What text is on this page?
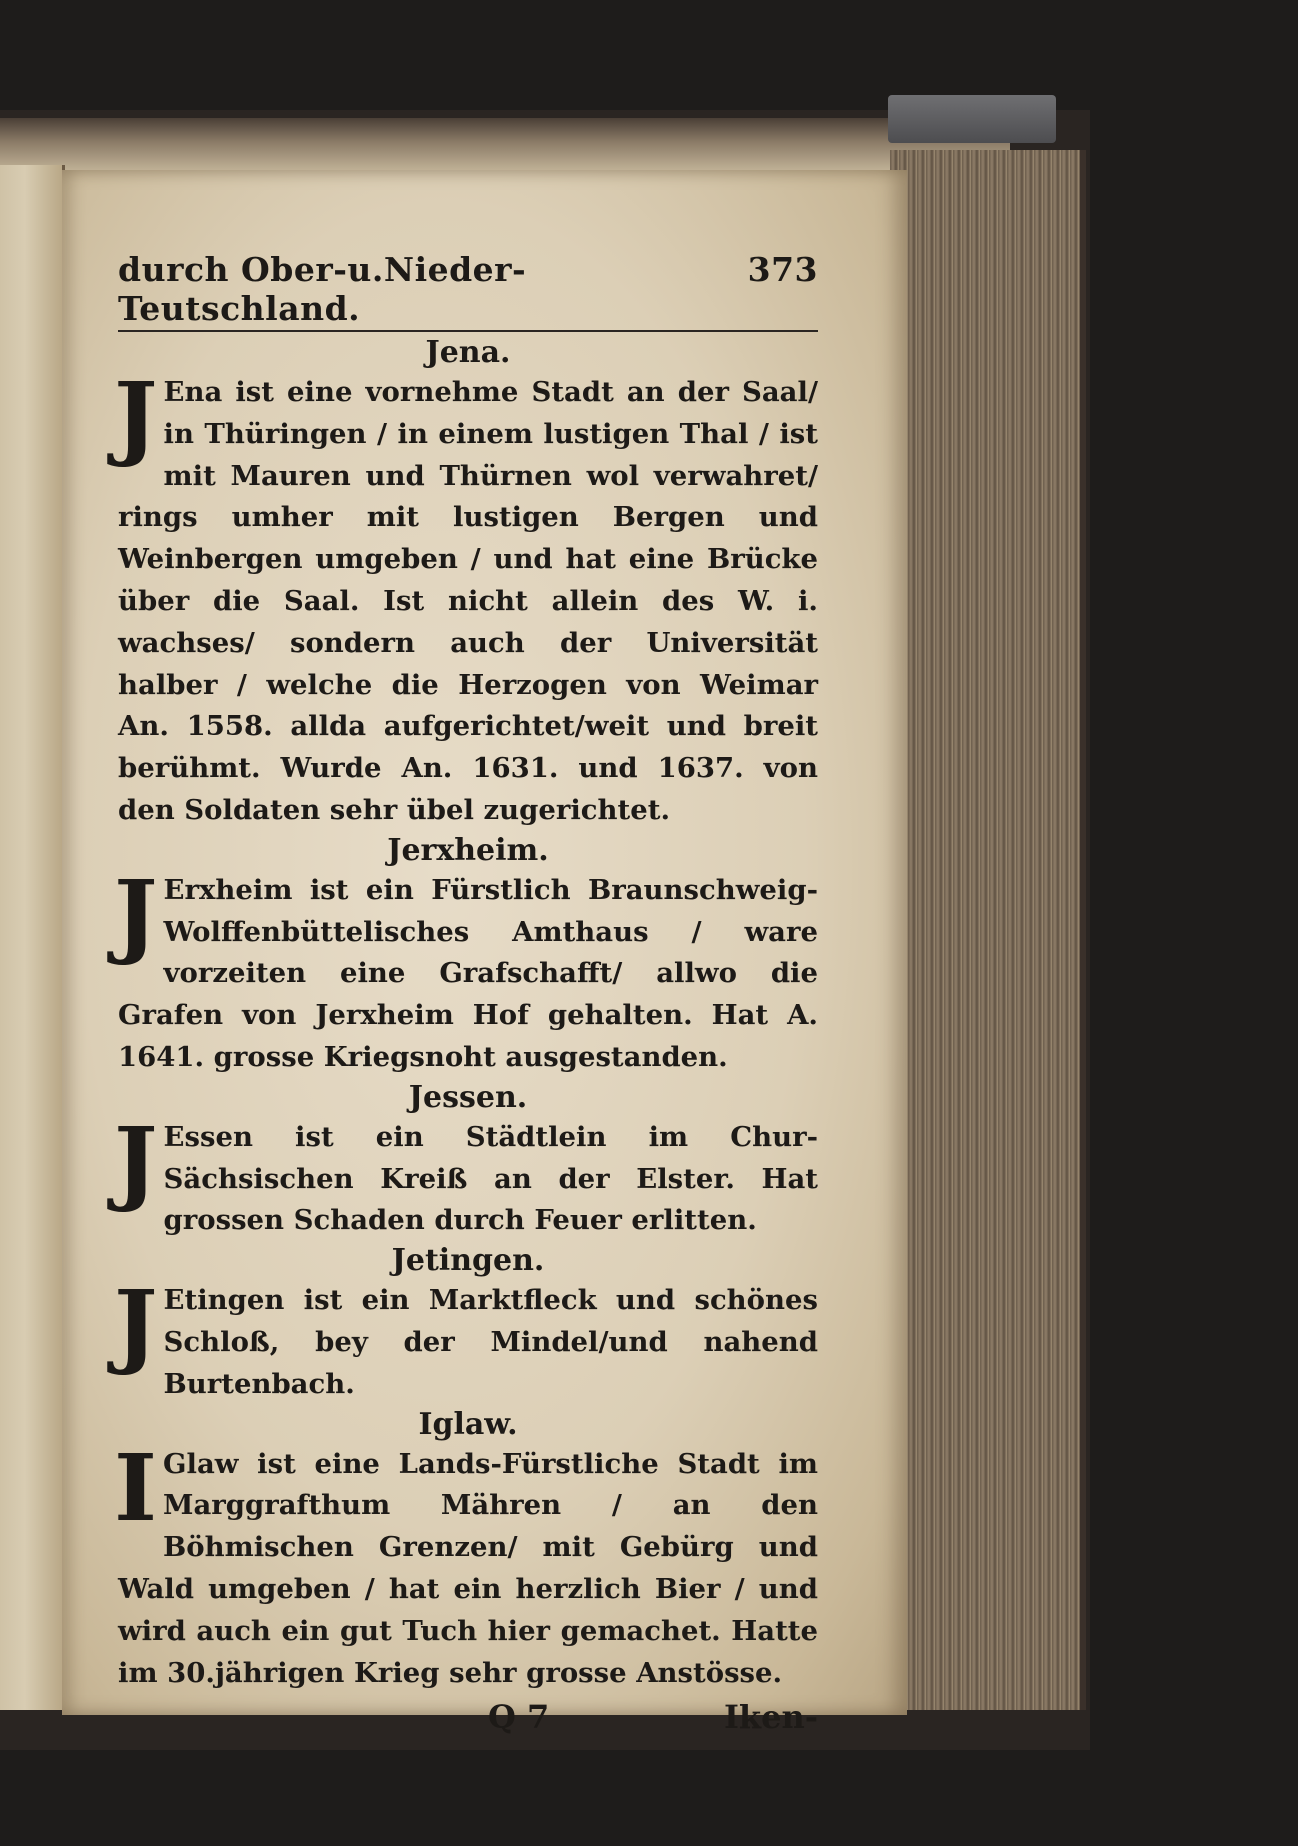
durch Ober-u.Nieder-Teutschland.
373
Jena.

J Ena ist eine vornehme Stadt an der Saal/ in Thüringen / in einem lustigen Thal / ist mit Mauren und Thürnen wol verwahret/ rings umher mit lustigen Bergen und Weinbergen umgeben / und hat eine Brücke über die Saal. Ist nicht allein des W. i. wachses/ sondern auch der Universität halber / welche die Herzogen von Weimar An. 1558. allda aufgerichtet/weit und breit berühmt. Wurde An. 1631. und 1637. von den Soldaten sehr übel zugerichtet.

Jerxheim.

J Erxheim ist ein Fürstlich Braunschweig-Wolffenbüttelisches Amthaus / ware vorzeiten eine Grafschafft/ allwo die Grafen von Jerxheim Hof gehalten. Hat A. 1641. grosse Kriegsnoht ausgestanden.

Jessen.

J Essen ist ein Städtlein im Chur-Sächsischen Kreiß an der Elster. Hat grossen Schaden durch Feuer erlitten.

Jetingen.

J Etingen ist ein Marktfleck und schönes Schloß, bey der Mindel/und nahend Burtenbach.

Iglaw.

I Glaw ist eine Lands-Fürstliche Stadt im Marggrafthum Mähren / an den Böhmischen Grenzen/ mit Gebürg und Wald umgeben / hat ein herzlich Bier / und wird auch ein gut Tuch hier gemachet. Hatte im 30.jährigen Krieg sehr grosse Anstösse.

Q 7	Iken-
